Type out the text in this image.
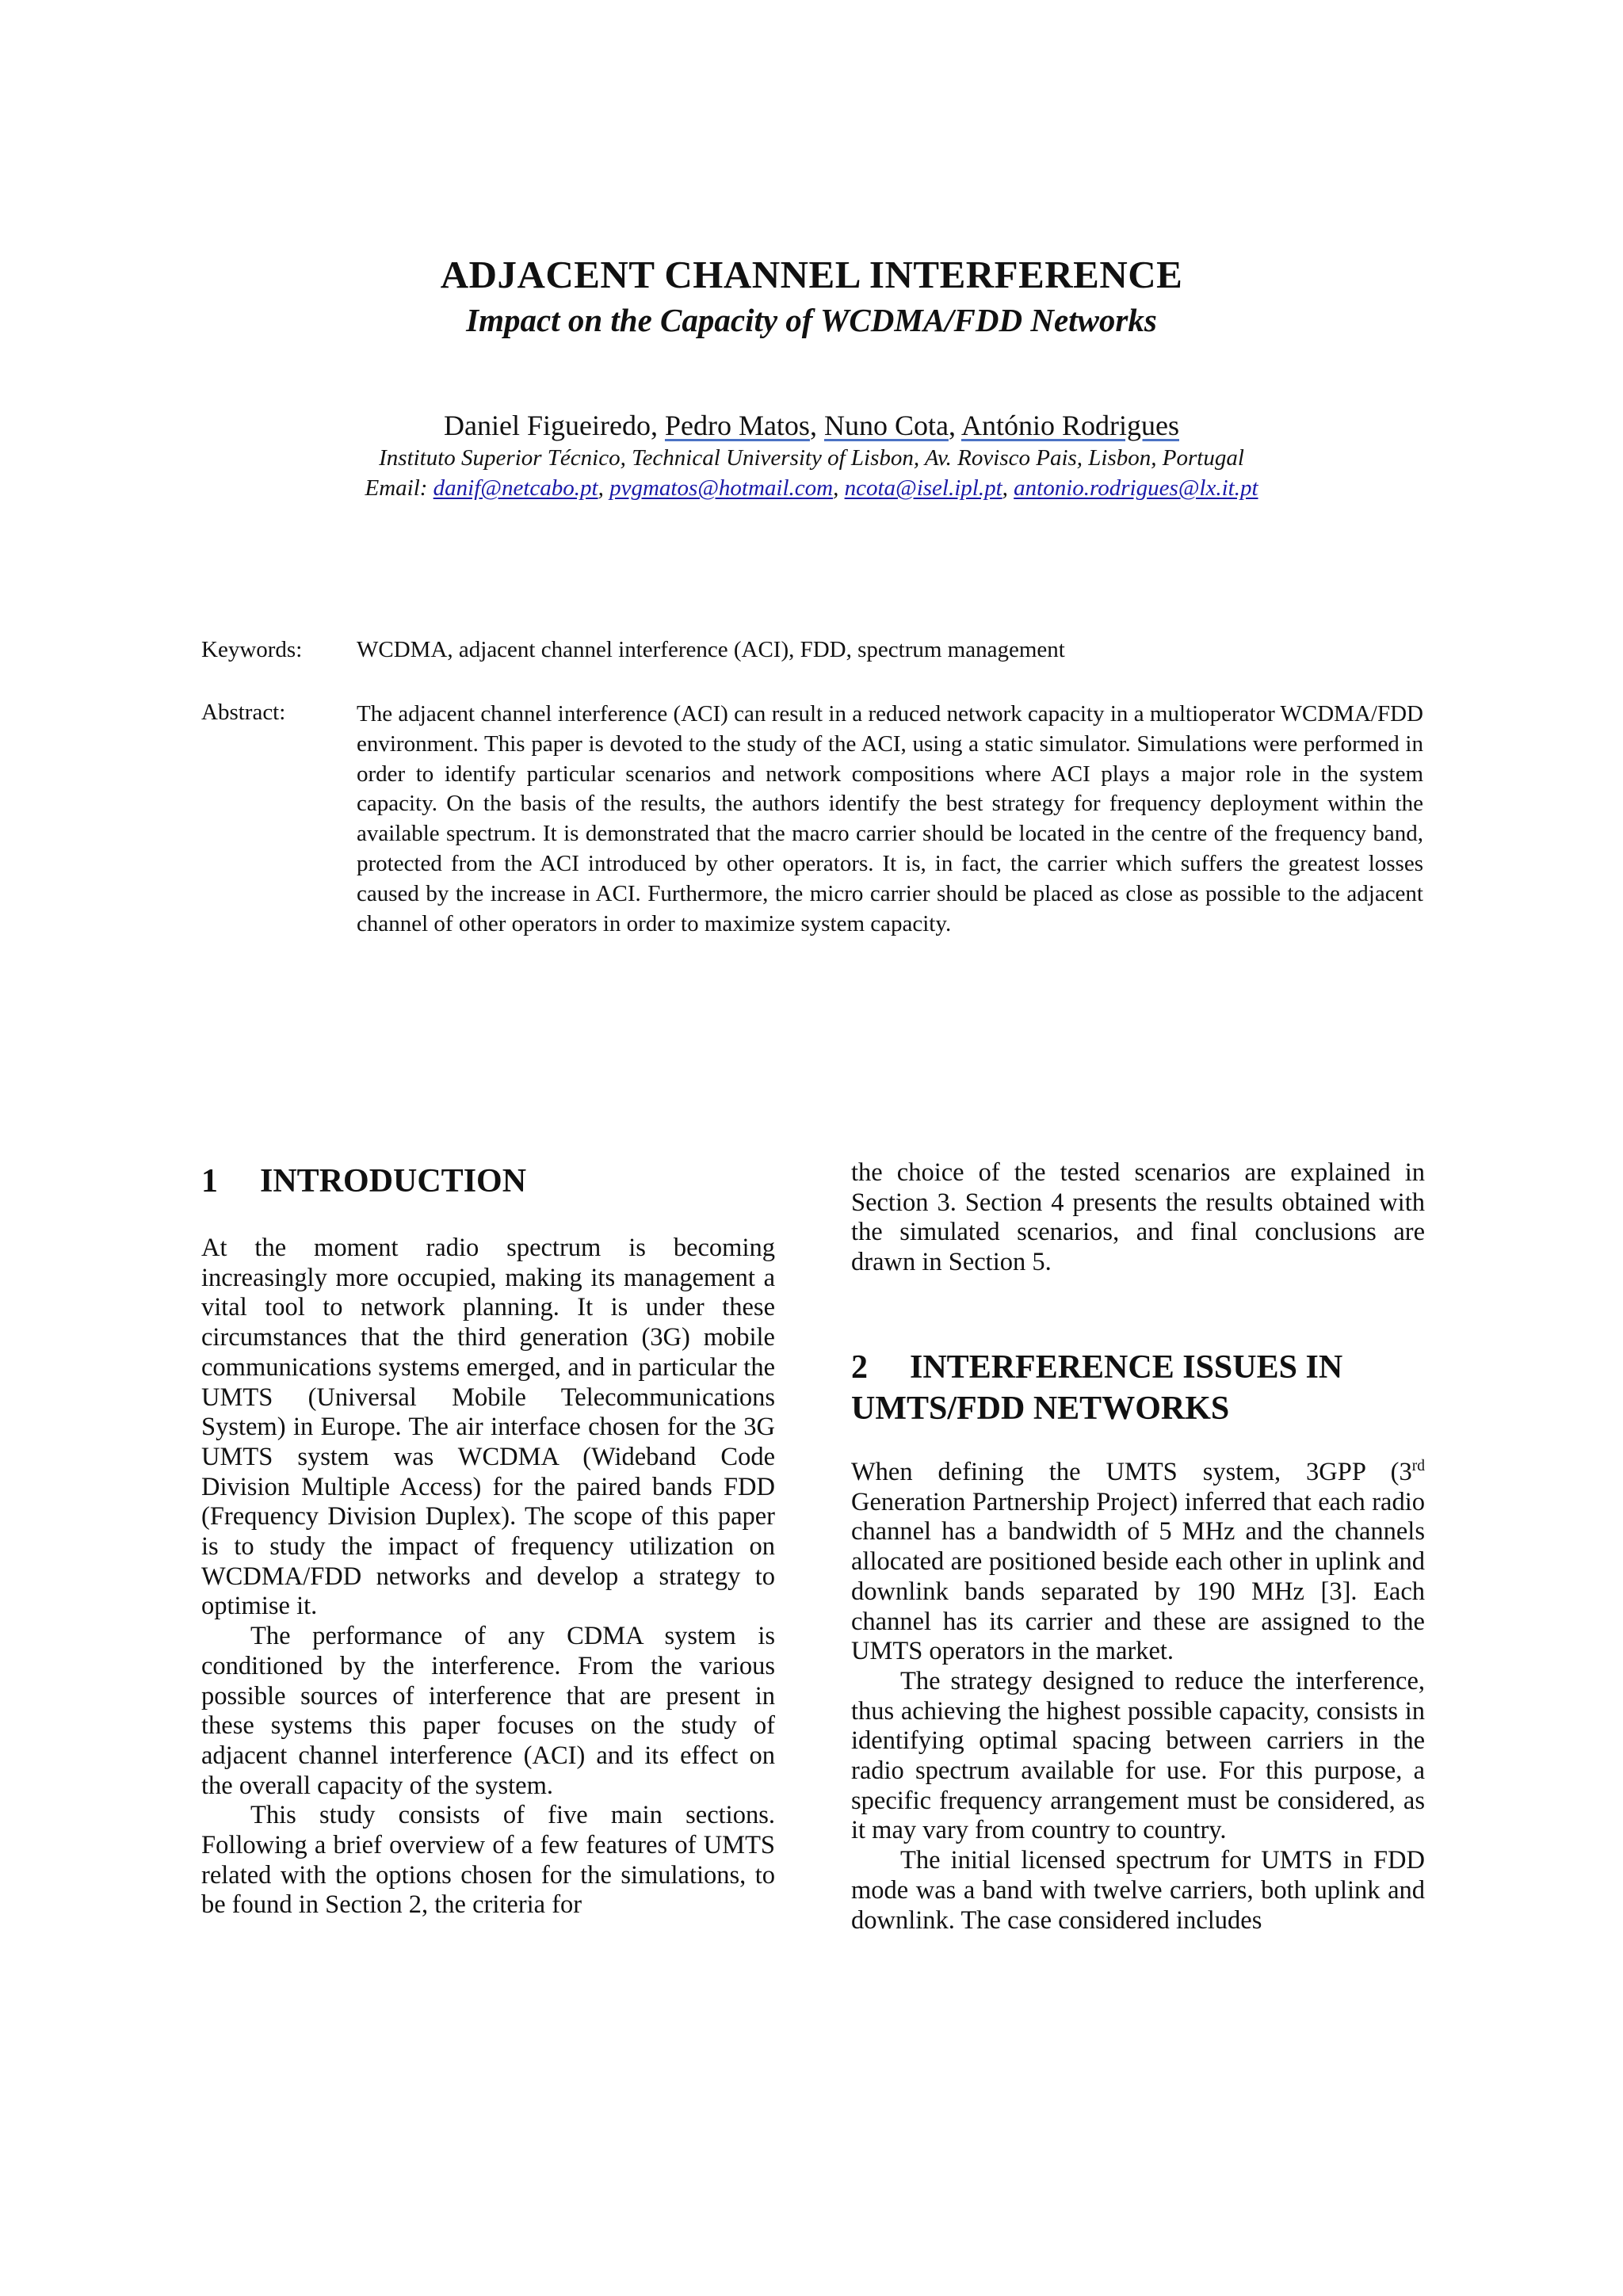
ADJACENT CHANNEL INTERFERENCE
Impact on the Capacity of WCDMA/FDD Networks
Daniel Figueiredo, Pedro Matos, Nuno Cota, António Rodrigues
Instituto Superior Técnico, Technical University of Lisbon, Av. Rovisco Pais, Lisbon, Portugal
Email: danif@netcabo.pt, pvgmatos@hotmail.com, ncota@isel.ipl.pt, antonio.rodrigues@lx.it.pt
Keywords: WCDMA, adjacent channel interference (ACI), FDD, spectrum management
Abstract:	The adjacent channel interference (ACI) can result in a reduced network capacity in a multioperator WCDMA/FDD environment. This paper is devoted to the study of the ACI, using a static simulator. Simulations were performed in order to identify particular scenarios and network compositions where ACI plays a major role in the system capacity. On the basis of the results, the authors identify the best strategy for frequency deployment within the available spectrum. It is demonstrated that the macro carrier should be located in the centre of the frequency band, protected from the ACI introduced by other operators. It is, in fact, the carrier which suffers the greatest losses caused by the increase in ACI. Furthermore, the micro carrier should be placed as close as possible to the adjacent channel of other operators in order to maximize system capacity.
1 INTRODUCTION

At the moment radio spectrum is becoming increasingly more occupied, making its management a vital tool to network planning. It is under these circumstances that the third generation (3G) mobile communications systems emerged, and in particular the UMTS (Universal Mobile Telecommunications System) in Europe. The air interface chosen for the 3G UMTS system was WCDMA (Wideband Code Division Multiple Access) for the paired bands FDD (Frequency Division Duplex). The scope of this paper is to study the impact of frequency utilization on WCDMA/FDD networks and develop a strategy to optimise it.

The performance of any CDMA system is conditioned by the interference. From the various possible sources of interference that are present in these systems this paper focuses on the study of adjacent channel interference (ACI) and its effect on the overall capacity of the system.

This study consists of five main sections. Following a brief overview of a few features of UMTS related with the options chosen for the simulations, to be found in Section 2, the criteria for

the choice of the tested scenarios are explained in Section 3. Section 4 presents the results obtained with the simulated scenarios, and final conclusions are drawn in Section 5.

2 INTERFERENCE ISSUES IN
UMTS/FDD NETWORKS

When defining the UMTS system, 3GPP (3rd Generation Partnership Project) inferred that each radio channel has a bandwidth of 5 MHz and the channels allocated are positioned beside each other in uplink and downlink bands separated by 190 MHz [3]. Each channel has its carrier and these are assigned to the UMTS operators in the market.

The strategy designed to reduce the interference, thus achieving the highest possible capacity, consists in identifying optimal spacing between carriers in the radio spectrum available for use. For this purpose, a specific frequency arrangement must be considered, as it may vary from country to country.

The initial licensed spectrum for UMTS in FDD mode was a band with twelve carriers, both uplink and downlink. The case considered includes
